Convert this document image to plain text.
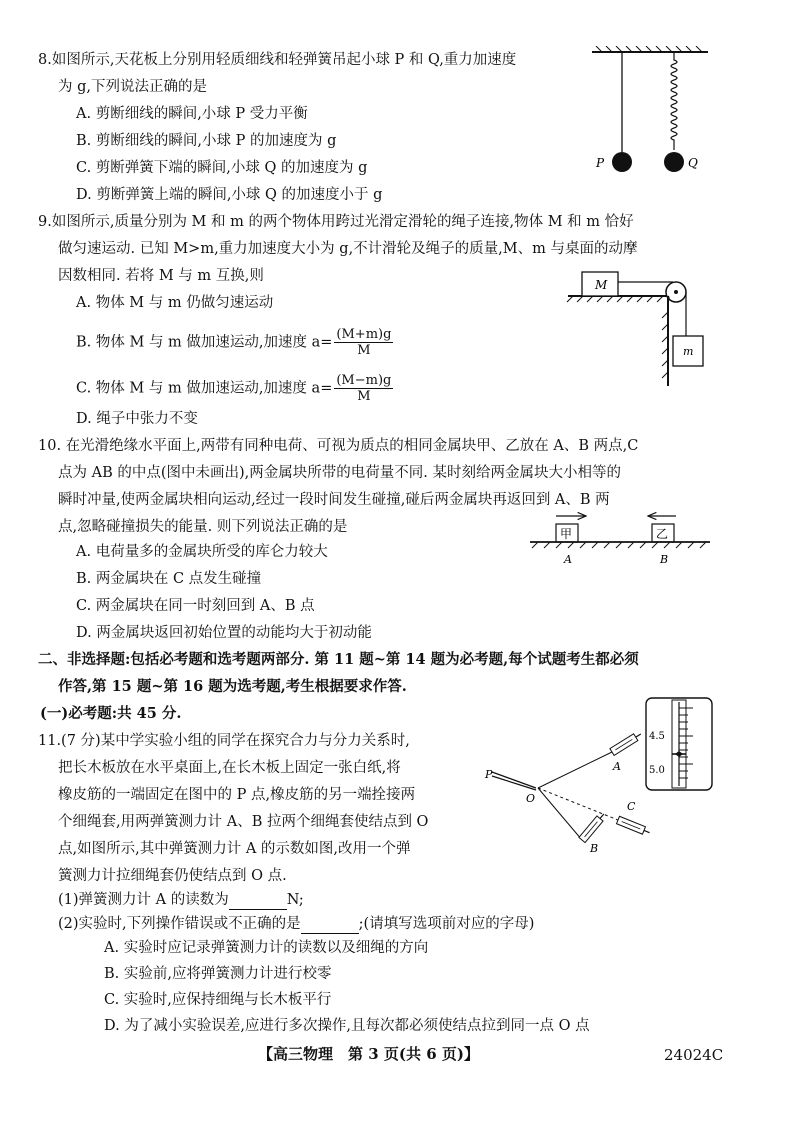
8.如图所示,天花板上分别用轻质细线和轻弹簧吊起小球 P 和 Q,重力加速度
为 g,下列说法正确的是
A. 剪断细线的瞬间,小球 P 受力平衡
B. 剪断细线的瞬间,小球 P 的加速度为 g
C. 剪断弹簧下端的瞬间,小球 Q 的加速度为 g
D. 剪断弹簧上端的瞬间,小球 Q 的加速度小于 g
P	Q
9.如图所示,质量分别为 M 和 m 的两个物体用跨过光滑定滑轮的绳子连接,物体 M 和 m 恰好
做匀速运动. 已知 M>m,重力加速度大小为 g,不计滑轮及绳子的质量,M、m 与桌面的动摩
因数相同. 若将 M 与 m 互换,则
A. 物体 M 与 m 仍做匀速运动
B. 物体 M 与 m 做加速运动,加速度 $a= \frac{(M+m)g}{M}$
C. 物体 M 与 m 做加速运动,加速度 $a= \frac{(M-m)g}{M}$
D. 绳子中张力不变
M
m
10. 在光滑绝缘水平面上,两带有同种电荷、可视为质点的相同金属块甲、乙放在 A、B 两点,C
点为 AB 的中点(图中未画出),两金属块所带的电荷量不同. 某时刻给两金属块大小相等的
瞬时冲量,使两金属块相向运动,经过一段时间发生碰撞,碰后两金属块再返回到 A、B 两
点,忽略碰撞损失的能量. 则下列说法正确的是
A. 电荷量多的金属块所受的库仑力较大
B. 两金属块在 C 点发生碰撞
C. 两金属块在同一时刻回到 A、B 点
D. 两金属块返回初始位置的动能均大于初动能
甲	乙
A	B
二、非选择题:包括必考题和选考题两部分. 第 11 题~第 14 题为必考题,每个试题考生都必须
作答,第 15 题~第 16 题为选考题,考生根据要求作答.
(一)必考题:共 45 分.
11.(7 分)某中学实验小组的同学在探究合力与分力关系时,
把长木板放在水平桌面上,在长木板上固定一张白纸,将
橡皮筋的一端固定在图中的 P 点,橡皮筋的另一端拴接两
个细绳套,用两弹簧测力计 A、B 拉两个细绳套使结点到 O
点,如图所示,其中弹簧测力计 A 的示数如图,改用一个弹
簧测力计拉细绳套仍使结点到 O 点.
(1)弹簧测力计 A 的读数为	N;
(2)实验时,下列操作错误或不正确的是	;(请填写选项前对应的字母)
A. 实验时应记录弹簧测力计的读数以及细绳的方向
B. 实验前,应将弹簧测力计进行校零
C. 实验时,应保持细绳与长木板平行
D. 为了减小实验误差,应进行多次操作,且每次都必须使结点拉到同一点 O 点
4.5
5.0
P
O
A
C
B
【高三物理　第 3 页(共 6 页)】	24024C
